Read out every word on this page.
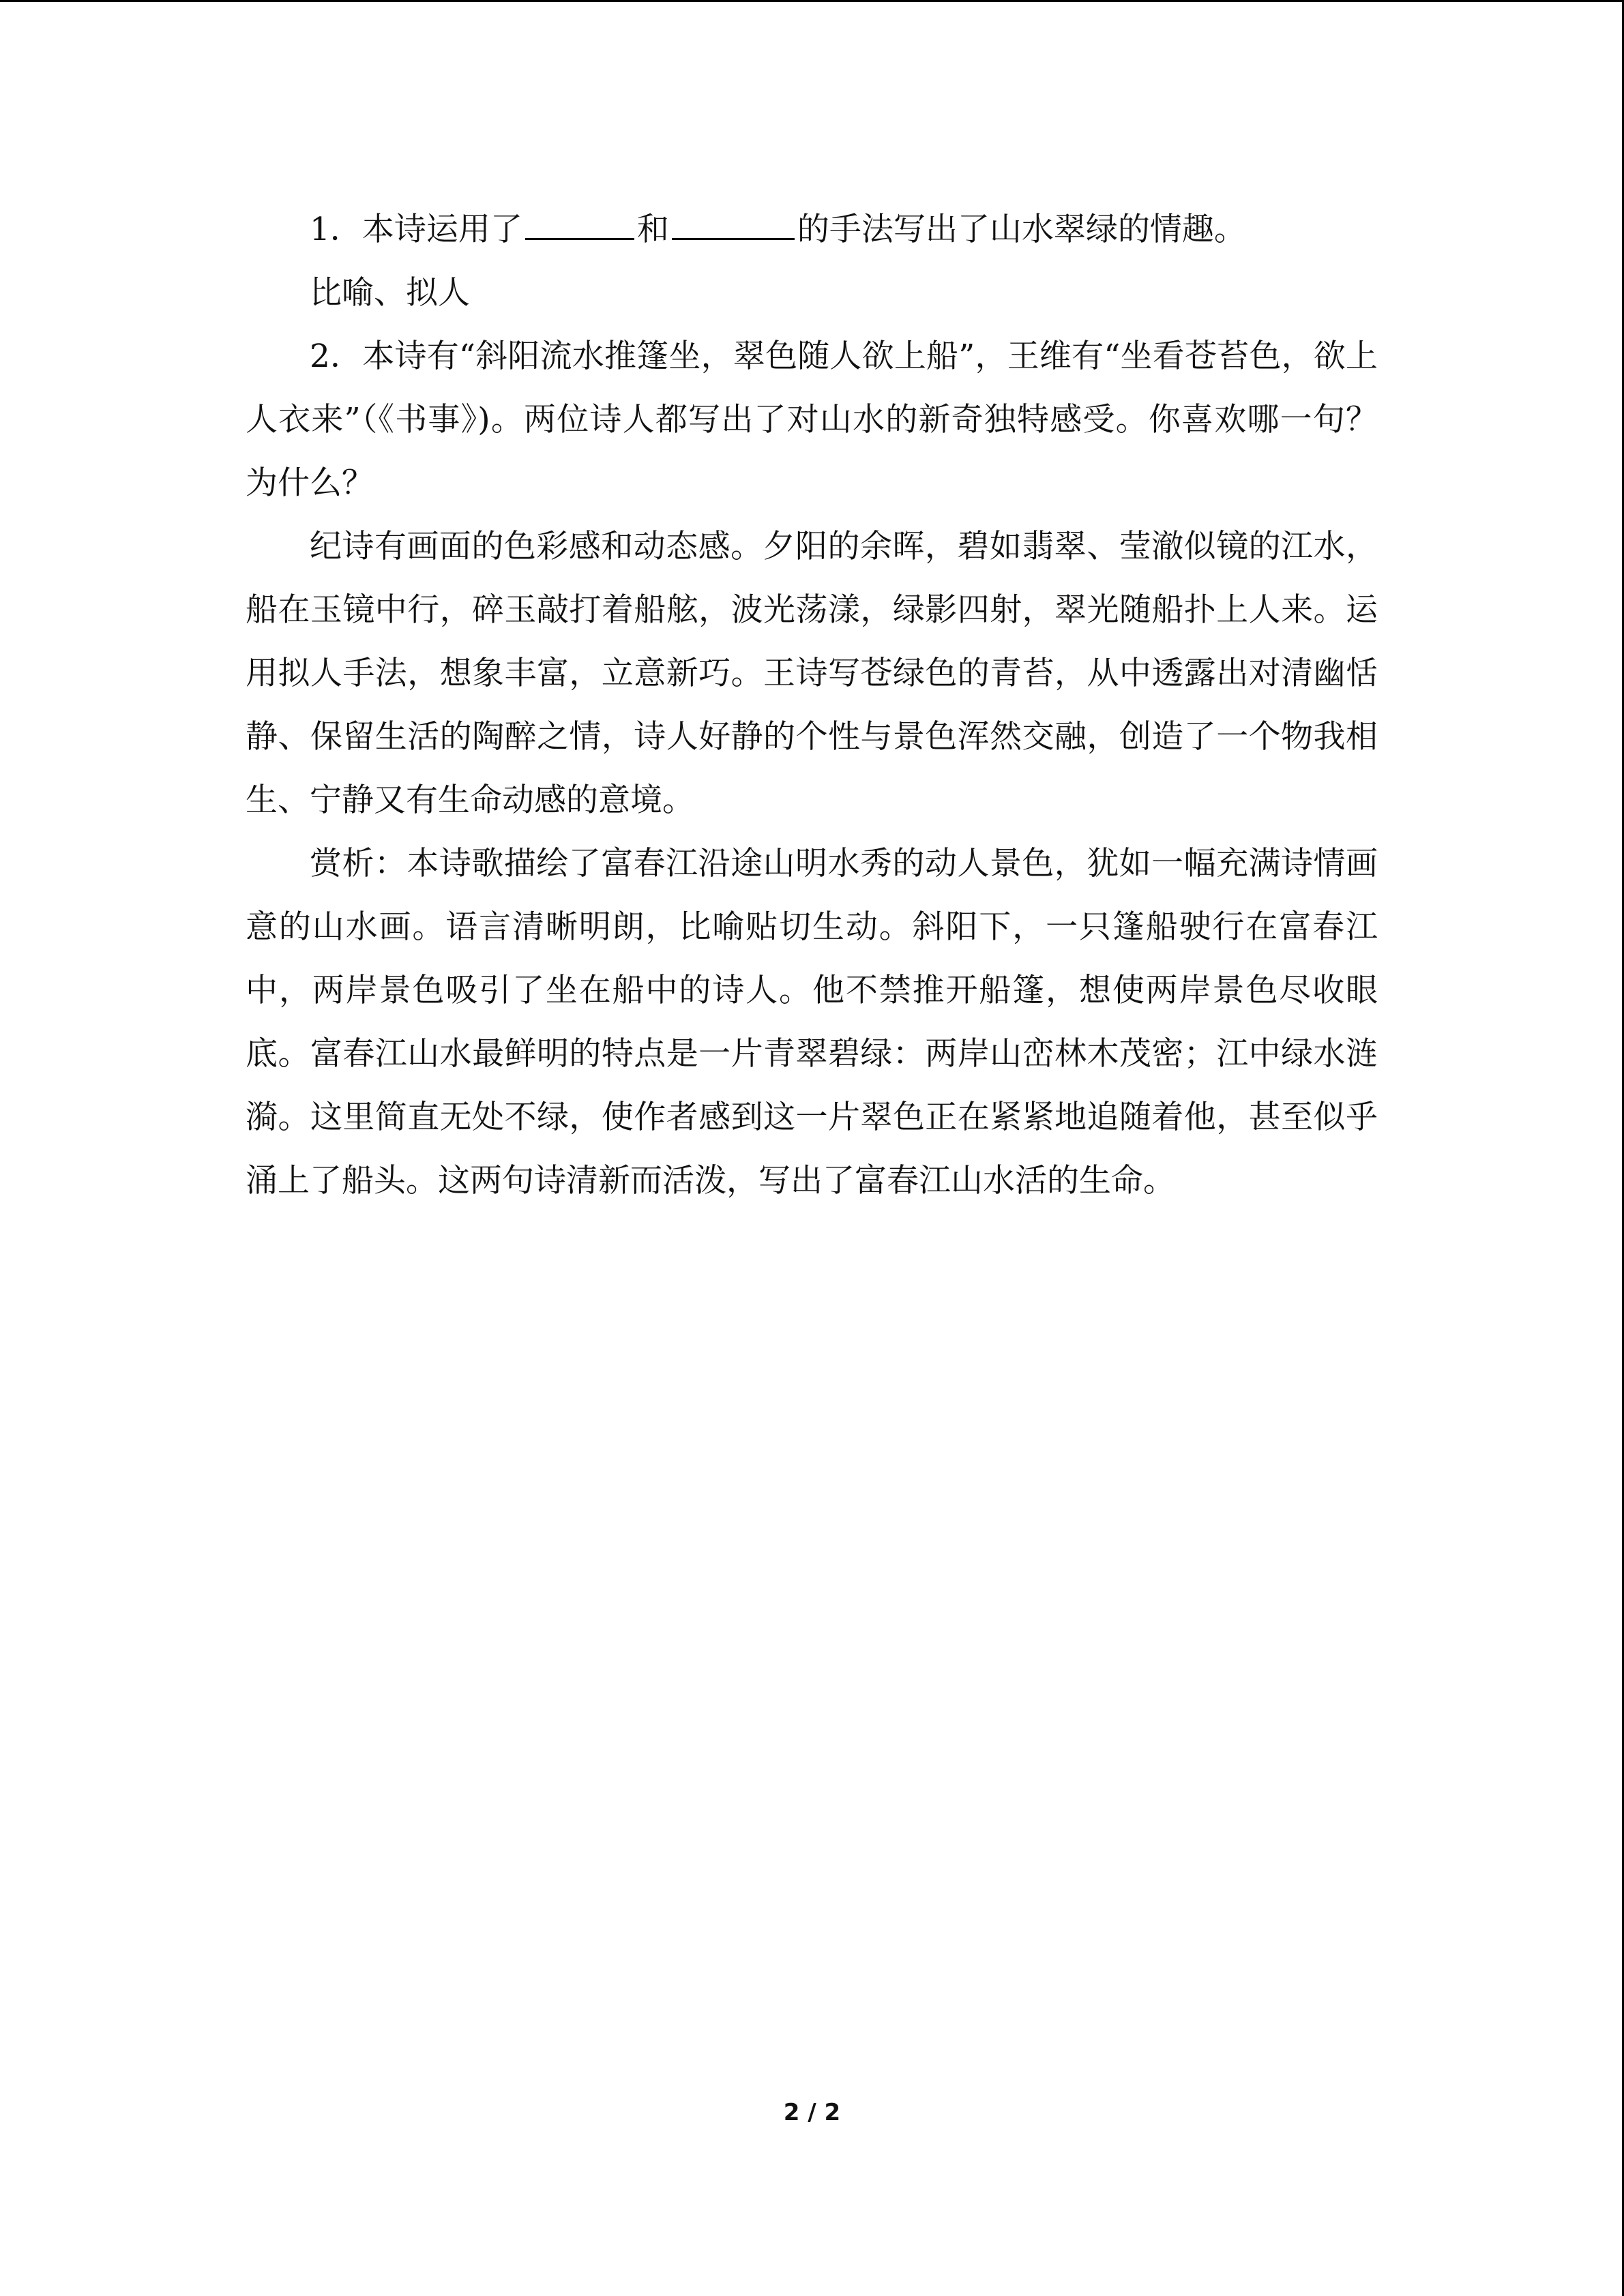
1．本诗运用了	和	的手法写出了山水翠绿的情趣。

比喻、拟人

2．本诗有“斜阳流水推篷坐，翠色随人欲上船”，王维有“坐看苍苔色，欲上人衣来”（《书事》)。两位诗人都写出了对山水的新奇独特感受。你喜欢哪一句？为什么？

纪诗有画面的色彩感和动态感。夕阳的余晖，碧如翡翠、莹澈似镜的江水，船在玉镜中行，碎玉敲打着船舷，波光荡漾，绿影四射，翠光随船扑上人来。运用拟人手法，想象丰富，立意新巧。王诗写苍绿色的青苔，从中透露出对清幽恬静、保留生活的陶醉之情，诗人好静的个性与景色浑然交融，创造了一个物我相生、宁静又有生命动感的意境。

赏析：本诗歌描绘了富春江沿途山明水秀的动人景色，犹如一幅充满诗情画意的山水画。语言清晰明朗，比喻贴切生动。斜阳下，一只篷船驶行在富春江中，两岸景色吸引了坐在船中的诗人。他不禁推开船篷，想使两岸景色尽收眼底。富春江山水最鲜明的特点是一片青翠碧绿：两岸山峦林木茂密；江中绿水涟漪。这里简直无处不绿，使作者感到这一片翠色正在紧紧地追随着他，甚至似乎涌上了船头。这两句诗清新而活泼，写出了富春江山水活的生命。

2 / 2
